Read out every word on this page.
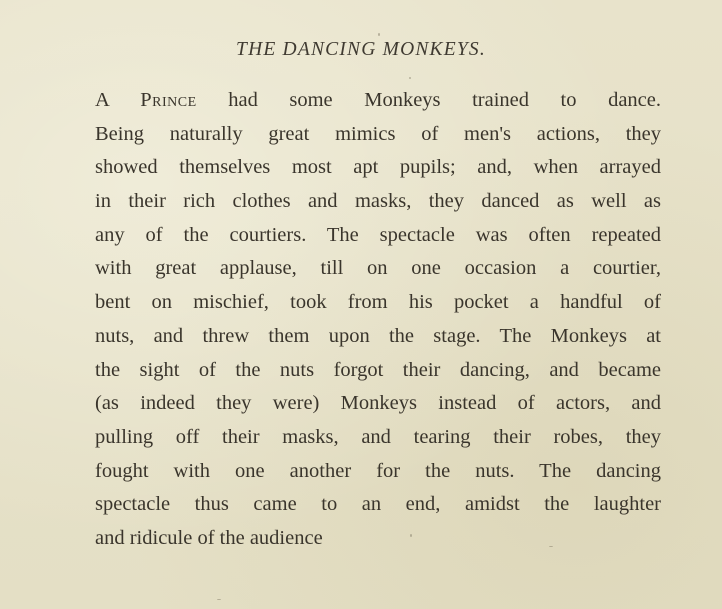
THE DANCING MONKEYS.
A Prince had some Monkeys trained to dance.
Being naturally great mimics of men's actions, they
showed themselves most apt pupils; and, when arrayed
in their rich clothes and masks, they danced as well as
any of the courtiers. The spectacle was often repeated
with great applause, till on one occasion a courtier,
bent on mischief, took from his pocket a handful of
nuts, and threw them upon the stage. The Monkeys at
the sight of the nuts forgot their dancing, and became
(as indeed they were) Monkeys instead of actors, and
pulling off their masks, and tearing their robes, they
fought with one another for the nuts. The dancing
spectacle thus came to an end, amidst the laughter
and ridicule of the audience
